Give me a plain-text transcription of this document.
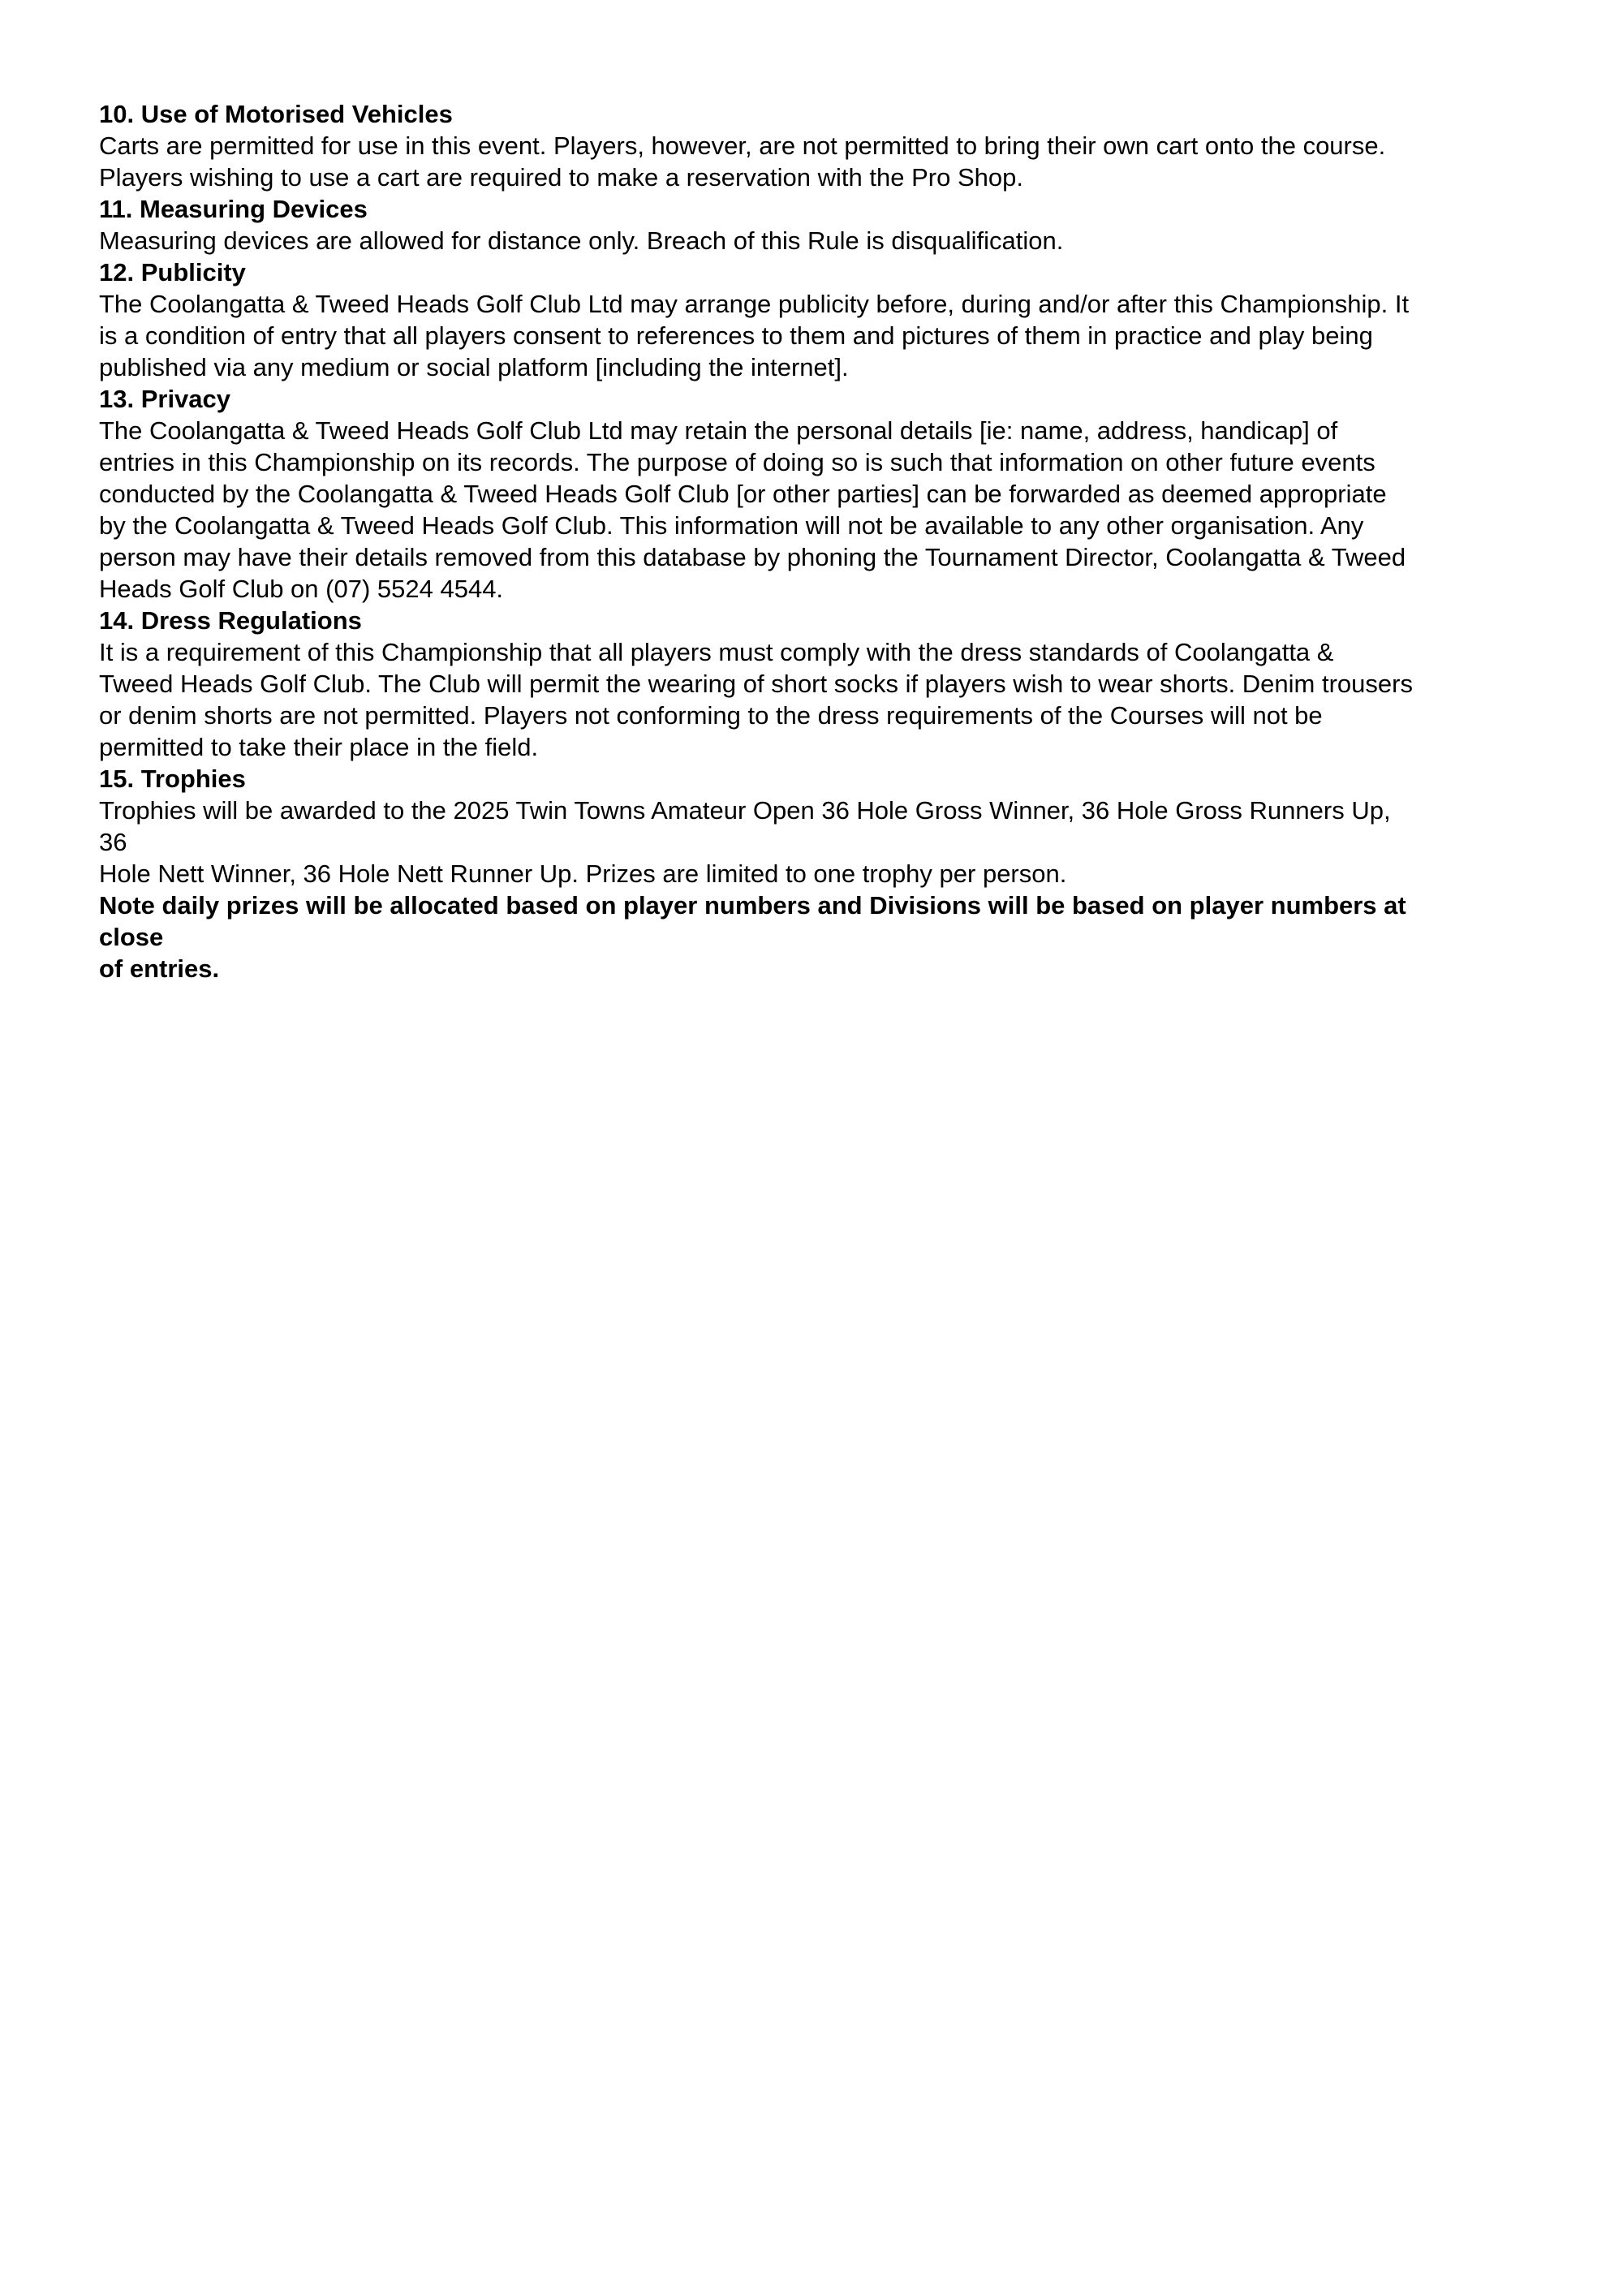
10. Use of Motorised Vehicles
Carts are permitted for use in this event. Players, however, are not permitted to bring their own cart onto the course.
Players wishing to use a cart are required to make a reservation with the Pro Shop.
11. Measuring Devices
Measuring devices are allowed for distance only. Breach of this Rule is disqualification.
12. Publicity
The Coolangatta & Tweed Heads Golf Club Ltd may arrange publicity before, during and/or after this Championship. It
is a condition of entry that all players consent to references to them and pictures of them in practice and play being
published via any medium or social platform [including the internet].
13. Privacy
The Coolangatta & Tweed Heads Golf Club Ltd may retain the personal details [ie: name, address, handicap] of
entries in this Championship on its records. The purpose of doing so is such that information on other future events
conducted by the Coolangatta & Tweed Heads Golf Club [or other parties] can be forwarded as deemed appropriate
by the Coolangatta & Tweed Heads Golf Club. This information will not be available to any other organisation. Any
person may have their details removed from this database by phoning the Tournament Director, Coolangatta & Tweed
Heads Golf Club on (07) 5524 4544.
14. Dress Regulations
It is a requirement of this Championship that all players must comply with the dress standards of Coolangatta &
Tweed Heads Golf Club. The Club will permit the wearing of short socks if players wish to wear shorts. Denim trousers
or denim shorts are not permitted. Players not conforming to the dress requirements of the Courses will not be
permitted to take their place in the field.
15. Trophies
Trophies will be awarded to the 2025 Twin Towns Amateur Open 36 Hole Gross Winner, 36 Hole Gross Runners Up,
36
Hole Nett Winner, 36 Hole Nett Runner Up. Prizes are limited to one trophy per person.
Note daily prizes will be allocated based on player numbers and Divisions will be based on player numbers at
close
of entries.
